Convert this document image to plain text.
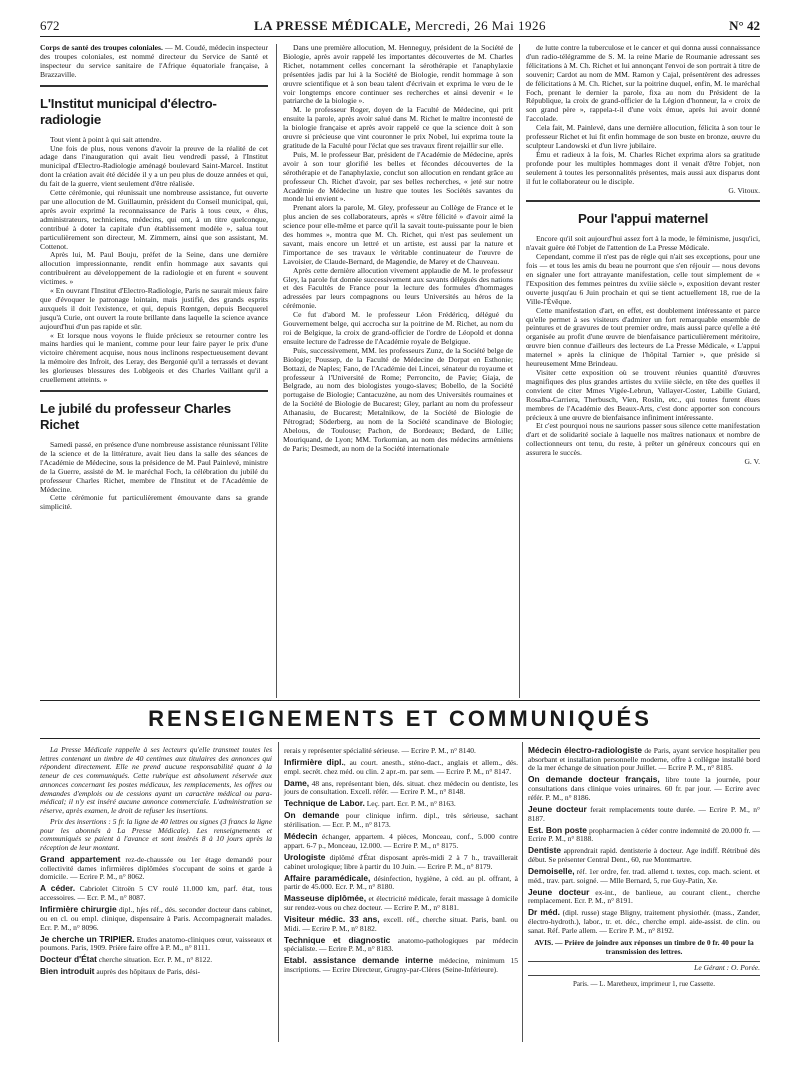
672	LA PRESSE MÉDICALE, Mercredi, 26 Mai 1926	N° 42

Corps de santé des troupes coloniales. — M. Coudé, médecin inspecteur des troupes coloniales, est nommé directeur du Service de Santé et inspecteur du service sanitaire de l'Afrique équatoriale française, à Brazzaville.

L'Institut municipal d'électro-radiologie

Tout vient à point à qui sait attendre.

Une fois de plus, nous venons d'avoir la preuve de la réalité de cet adage dans l'inauguration qui avait lieu vendredi passé, à l'Institut municipal d'Electro-Radiologie aménagé boulevard Saint-Marcel. Institut dont la création avait été décidée il y a un peu plus de douze années et qui, du fait de la guerre, vient seulement d'être réalisée.

Cette cérémonie, qui réunissait une nombreuse assistance, fut ouverte par une allocution de M. Guillaumin, président du Conseil municipal, qui, après avoir exprimé la reconnaissance de Paris à tous ceux, « élus, administrateurs, techniciens, médecins, qui ont, à un titre quelconque, contribué à doter la capitale d'un établissement modèle », salua tout particulièrement son directeur, M. Zimmern, ainsi que son assistant, M. Cottenot.

Après lui, M. Paul Bouju, préfet de la Seine, dans une dernière allocution impressionnante, rendit enfin hommage aux savants qui contribuèrent au développement de la radiologie et en furent « souvent victimes. »

« En ouvrant l'Institut d'Electro-Radiologie, Paris ne saurait mieux faire que d'évoquer le patronage lointain, mais justifié, des grands esprits auxquels il doit l'existence, et qui, depuis Rœntgen, depuis Becquerel jusqu'à Curie, ont ouvert la route brillante dans laquelle la science avance aujourd'hui d'un pas rapide et sûr.

« Et lorsque nous voyons le fluide précieux se retourner contre les mains hardies qui le manient, comme pour leur faire payer le prix d'une victoire chèrement acquise, nous nous inclinons respectueusement devant la mémoire des Infroit, des Leray, des Bergonié qu'il a terrassés et devant les glorieuses blessures des Loblgeois et des Charles Vaillant qu'il a cruellement atteints. »

Le jubilé du professeur Charles Richet

Samedi passé, en présence d'une nombreuse assistance réunissant l'élite de la science et de la littérature, avait lieu dans la salle des séances de l'Académie de Médecine, sous la présidence de M. Paul Painlevé, ministre de la Guerre, assisté de M. le maréchal Foch, la célébration du jubilé du professeur Charles Richet, membre de l'Institut et de l'Académie de Médecine.

Cette cérémonie fut particulièrement émouvante dans sa grande simplicité.

Dans une première allocution, M. Henneguy, président de la Société de Biologie, après avoir rappelé les importantes découvertes de M. Charles Richet, notamment celles concernant la sérothérapie et l'anaphylaxie présentées jadis par lui à la Société de Biologie, rendit hommage à son œuvre scientifique et à son beau talent d'écrivain et exprima le vœu de le voir longtemps encore continuer ses recherches et ainsi devenir « le patriarche de la biologie ».

M. le professeur Roger, doyen de la Faculté de Médecine, qui prit ensuite la parole, après avoir salué dans M. Richet le maître incontesté de la biologie française et après avoir rappelé ce que la science doit à son œuvre si précieuse que vint couronner le prix Nobel, lui exprima toute la gratitude de la Faculté pour l'éclat que ses travaux firent rejaillir sur elle.

Puis, M. le professeur Bar, président de l'Académie de Médecine, après avoir à son tour glorifié les belles et fécondes découvertes de la sérothérapie et de l'anaphylaxie, conclut son allocution en rendant grâce au professeur Ch. Richet d'avoir, par ses belles recherches, « jeté sur notre Académie de Médecine un lustre que toutes les Sociétés savantes du monde lui envient ».

Prenant alors la parole, M. Gley, professeur au Collège de France et le plus ancien de ses collaborateurs, après « s'être félicité » d'avoir aimé la science pour elle-même et parce qu'il la savait toute-puissante pour le bien des hommes », montra que M. Ch. Richet, qui n'est pas seulement un savant, mais encore un lettré et un artiste, est aussi par la nature et l'importance de ses travaux le véritable continuateur de l'œuvre de Lavoisier, de Claude-Bernard, de Magendie, de Marey et de Chauveau.

Après cette dernière allocution vivement applaudie de M. le professeur Gley, la parole fut donnée successivement aux savants délégués des nations et des Facultés de France pour la lecture des formules d'hommages adressées par leurs compagnons ou leurs Universités au héros de la cérémonie.

Ce fut d'abord M. le professeur Léon Frédéricq, délégué du Gouvernement belge, qui accrocha sur la poitrine de M. Richet, au nom du roi de Belgique, la croix de grand-officier de l'ordre de Léopold et donna ensuite lecture de l'adresse de l'Académie royale de Belgique.

Puis, successivement, MM. les professeurs Zunz, de la Société belge de Biologie; Poussep, de la Faculté de Médecine de Dorpat en Esthonie; Bottazi, de Naples; Fano, de l'Académie dei Lincei, sénateur du royaume et professeur à l'Université de Rome; Perroncito, de Pavie; Giaja, de Belgrade, au nom des biologistes yougo-slaves; Bobello, de la Société portugaise de Biologie; Cantacuzène, au nom des Universités roumaines et de la Société de Biologie de Bucarest; Gley, parlant au nom du professeur Athanasiu, de Bucarest; Metalnikow, de la Société de Biologie de Pétrograd; Söderberg, au nom de la Société scandinave de Biologie; Abelous, de Toulouse; Pachon, de Bordeaux; Bedard, de Lille; Mouriquand, de Lyon; MM. Torkomian, au nom des médecins arméniens de Paris; Desmedt, au nom de la Société internationale

de lutte contre la tuberculose et le cancer et qui donna aussi connaissance d'un radio-télégramme de S. M. la reine Marie de Roumanie adressant ses félicitations à M. Ch. Richet et lui annonçant l'envoi de son portrait à titre de souvenir; Cardot au nom de MM. Ramon y Cajal, présentèrent des adresses de félicitations à M. Ch. Richet, sur la poitrine duquel, enfin, M. le maréchal Foch, prenant le dernier la parole, fixa au nom du Président de la République, la croix de grand-officier de la Légion d'honneur, la « croix de son grand père », rappela-t-il d'une voix émue, après lui avoir donné l'accolade.

Cela fait, M. Painlevé, dans une dernière allocution, félicita à son tour le professeur Richet et lui fit enfin hommage de son buste en bronze, œuvre du sculpteur Landowski et d'un livre jubilaire.

Ému et radieux à la fois, M. Charles Richet exprima alors sa gratitude profonde pour les multiples hommages dont il venait d'être l'objet, non seulement à toutes les personnalités présentes, mais aussi aux disparus dont il fut le collaborateur ou le disciple.

G. Vitoux.

Pour l'appui maternel

Encore qu'il soit aujourd'hui assez fort à la mode, le féminisme, jusqu'ici, n'avait guère été l'objet de l'attention de La Presse Médicale.

Cependant, comme il n'est pas de règle qui n'ait ses exceptions, pour une fois — et tous les amis du beau ne pourront que s'en réjouir — nous devons en signaler une fort attrayante manifestation, celle tout simplement de « l'Exposition des femmes peintres du xviiie siècle », exposition devant rester ouverte jusqu'au 6 Juin prochain et qui se tient actuellement 18, rue de la Ville-l'Évêque.

Cette manifestation d'art, en effet, est doublement intéressante et parce qu'elle permet à ses visiteurs d'admirer un fort remarquable ensemble de peintures et de gravures de tout premier ordre, mais aussi parce qu'elle a été organisée au profit d'une œuvre de bienfaisance particulièrement méritoire, œuvre bien connue d'ailleurs des lecteurs de La Presse Médicale, « L'appui maternel » après la clinique de l'hôpital Tarnier », que préside si heureusement Mme Brindeau.

Visiter cette exposition où se trouvent réunies quantité d'œuvres magnifiques des plus grandes artistes du xviiie siècle, en tête des quelles il convient de citer Mmes Vigée-Lebrun, Vallayer-Coster, Labille Guiard, Rosalba-Carriera, Therbusch, Vien, Roslin, etc., qui toutes furent élues membres de l'Académie des Beaux-Arts, c'est donc apporter son concours précieux à une œuvre de bienfaisance infiniment intéressante.

Et c'est pourquoi nous ne saurions passer sous silence cette manifestation d'art et de solidarité sociale à laquelle nos maîtres nationaux et nombre de collectionneurs ont tenu, du reste, à prêter un généreux concours qui en assurera le succès.

G. V.

RENSEIGNEMENTS ET COMMUNIQUÉS

La Presse Médicale rappelle à ses lecteurs qu'elle transmet toutes les lettres contenant un timbre de 40 centimes aux titulaires des annonces qui répondent directement. Elle ne prend aucune responsabilité quant à la teneur de ces communiqués. Cette rubrique est absolument réservée aux annonces concernant les postes médicaux, les remplacements, les offres ou demandes d'emplois ou de cessions ayant un caractère médical ou para-médical; il n'y est inséré aucune annonce commerciale. L'administration se réserve, après examen, le droit de refuser les insertions.

Prix des insertions : 5 fr. la ligne de 40 lettres ou signes (3 francs la ligne pour les abonnés à La Presse Médicale). Les renseignements et communiqués se paient à l'avance et sont insérés 8 à 10 jours après la réception de leur montant.

Grand appartement rez-de-chaussée ou 1er étage demandé pour collectivité dames infirmières diplômées s'occupant de soins et garde à domicile. — Ecrire P. M., n° 8062.

A céder. Cabriolet Citroën 5 CV roulé 11.000 km, parf. état, tous accessoires. — Ecr. P. M., n° 8087.

Infirmière chirurgie dipl., h∫es réf., dés. seconder docteur dans cabinet, ou en cl. ou empl. clinique, dispensaire à Paris. Accompagnerait malades. Ecr. P. M., n° 8096.

Je cherche un TRIPIER. Etudes anatomo-cliniques cœur, vaisseaux et poumons. Paris, 1909. Prière faire offre à P. M., n° 8111.

Docteur d'État cherche situation. Ecr. P. M., n° 8122.

Bien introduit auprès des hôpitaux de Paris, dési-

rerais y représenter spécialité sérieuse. — Ecrire P. M., n° 8140.

Infirmière dipl., au court. anesth., sténo-dact., anglais et allem., dés. empl. secrét. chez méd. ou clin. 2 apr.-m. par sem. — Ecrire P. M., n° 8147.

Dame, 48 ans, représentant bien, dés. situat. chez médecin ou dentiste, les jours de consultation. Excell. référ. — Ecrire P. M., n° 8148.

Technique de Labor. Leç. part. Ecr. P. M., n° 8163.

On demande pour clinique infirm. dipl., très sérieuse, sachant stérilisation. — Ecr. P. M., n° 8173.

Médecin échanger, appartem. 4 pièces, Monceau, conf., 5.000 contre appart. 6-7 p., Monceau, 12.000. — Ecrire P. M., n° 8175.

Urologiste diplômé d'État disposant après-midi 2 à 7 h., travaillerait cabinet urologique; libre à partir du 10 Juin. — Ecrire P. M., n° 8179.

Affaire paramédicale, désinfection, hygiène, à céd. au pl. offrant, à partir de 45.000. Ecr. P. M., n° 8180.

Masseuse diplômée, et électricité médicale, ferait massage à domicile sur rendez-vous ou chez docteur. — Ecrire P. M., n° 8181.

Visiteur médic. 33 ans, excell. réf., cherche situat. Paris, banl. ou Midi. — Ecrire P. M., n° 8182.

Technique et diagnostic anatomo-pathologiques par médecin spécialiste. — Ecrire P. M., n° 8183.

Etabl. assistance demande interne médecine, minimum 15 inscriptions. — Ecrire Directeur, Grugny-par-Clères (Seine-Inférieure).

Médecin électro-radiologiste de Paris, ayant service hospitalier peu absorbant et installation personnelle moderne, offre à collègue installé bord de la mer échange de situation pour Juillet. — Ecrire P. M., n° 8185.

On demande docteur français, libre toute la journée, pour consultations dans clinique voies urinaires. 60 fr. par jour. — Ecrire avec référ. P. M., n° 8186.

Jeune docteur ferait remplacements toute durée. — Ecrire P. M., n° 8187.

Est. Bon poste propharmacien à céder contre indemnité de 20.000 fr. — Ecrire P. M., n° 8188.

Dentiste apprendrait rapid. dentisterie à docteur. Age indiff. Rétribué dès début. Se présenter Central Dent., 60, rue Montmartre.

Demoiselle, réf. 1er ordre, fer. trad. allemd t. textes, cop. mach. scient. et méd., trav. part. soigné. — Mlle Bernard, 5, rue Guy-Patin, Xe.

Jeune docteur ex-int., de banlieue, au courant client., cherche remplacement. Ecr. P. M., n° 8191.

Dr méd. (dipl. russe) stage Bligny, traitement physiothér. (mass., Zander, électro-hydroth.), labor., tr. et. déc., cherche empl. aide-assist. de clin. ou sanat. Réf. Parle allem. — Ecrire P. M., n° 8192.

AVIS. — Prière de joindre aux réponses un timbre de 0 fr. 40 pour la transmission des lettres.

Le Gérant : O. Porée.

Paris. — L. Maretheux, imprimeur 1, rue Cassette.
